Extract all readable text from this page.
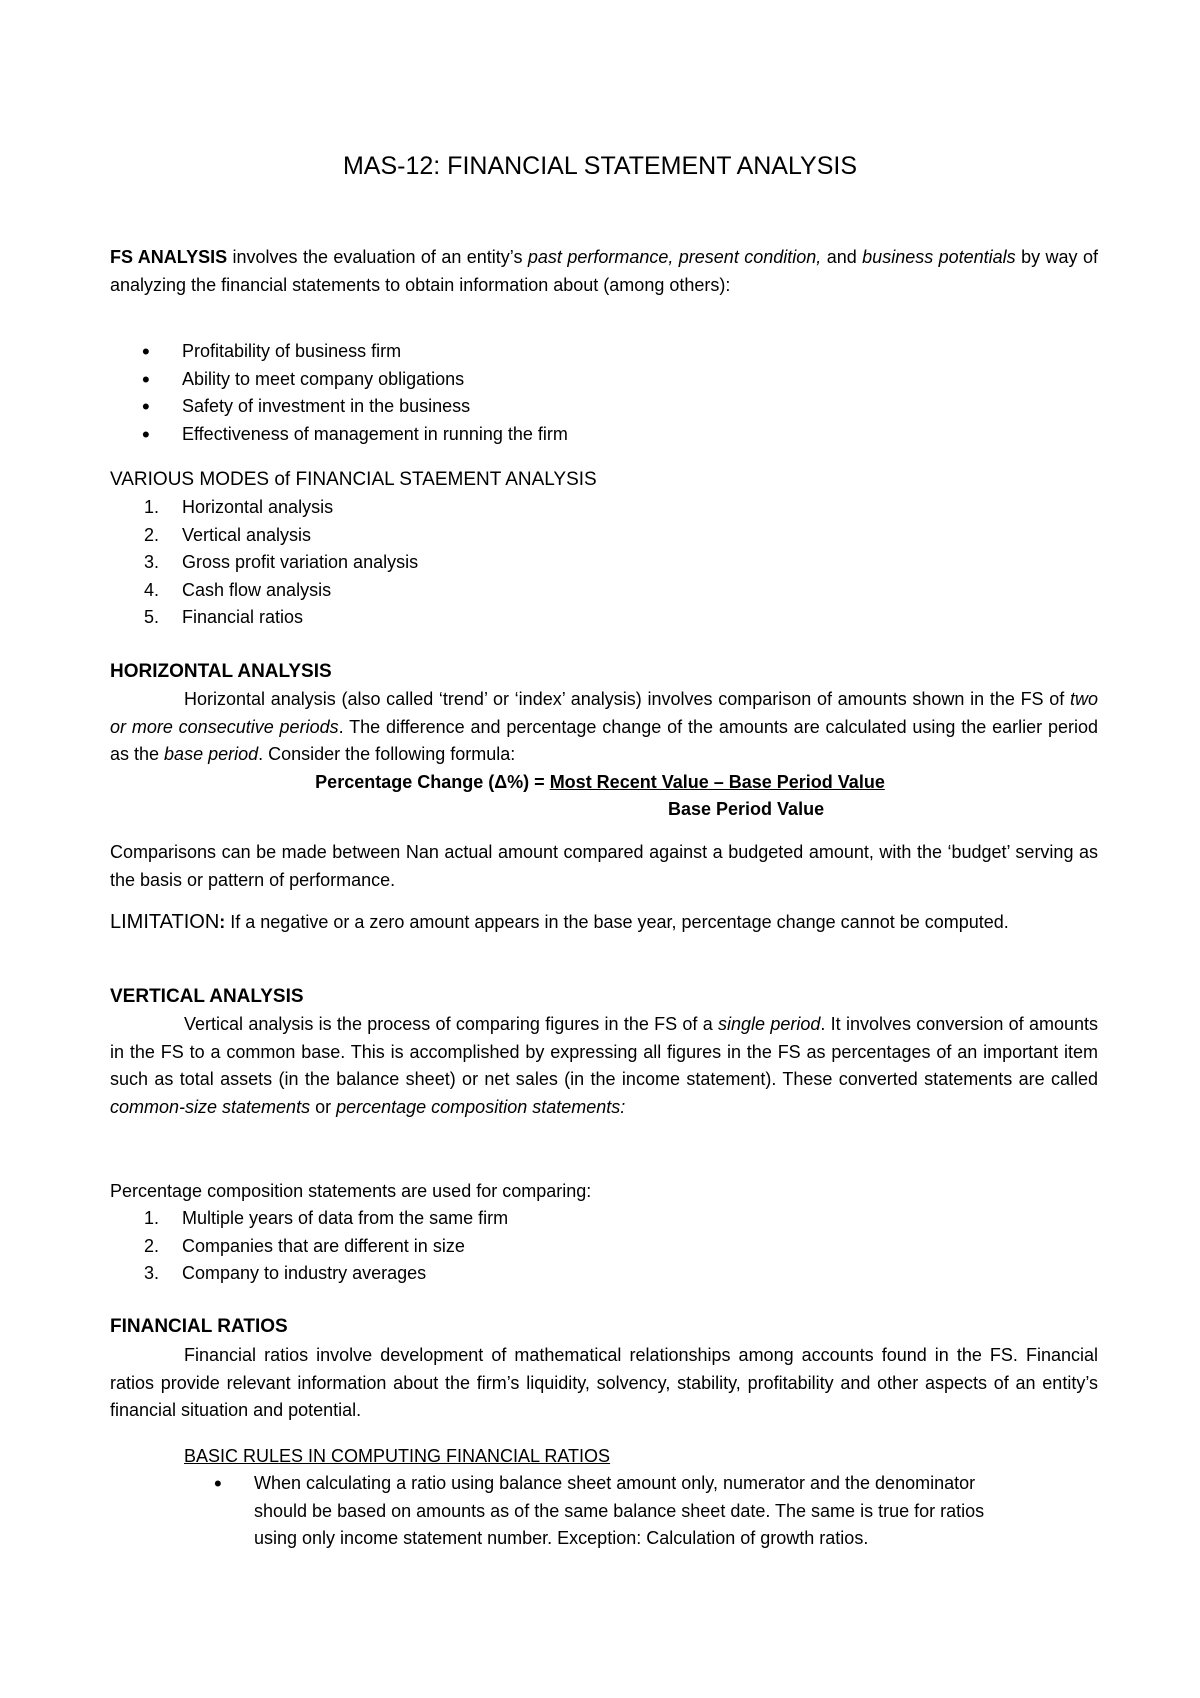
MAS-12: FINANCIAL STATEMENT ANALYSIS
FS ANALYSIS involves the evaluation of an entity’s past performance, present condition, and business potentials by way of analyzing the financial statements to obtain information about (among others):
• Profitability of business firm
• Ability to meet company obligations
• Safety of investment in the business
• Effectiveness of management in running the firm
VARIOUS MODES of FINANCIAL STAEMENT ANALYSIS
1. Horizontal analysis
2. Vertical analysis
3. Gross profit variation analysis
4. Cash flow analysis
5. Financial ratios
HORIZONTAL ANALYSIS
Horizontal analysis (also called ‘trend’ or ‘index’ analysis) involves comparison of amounts shown in the FS of two or more consecutive periods. The difference and percentage change of the amounts are calculated using the earlier period as the base period. Consider the following formula:
Percentage Change (Δ%) = Most Recent Value – Base Period Value
Base Period Value
Comparisons can be made between Nan actual amount compared against a budgeted amount, with the ‘budget’ serving as the basis or pattern of performance.
LIMITATION: If a negative or a zero amount appears in the base year, percentage change cannot be computed.
VERTICAL ANALYSIS
Vertical analysis is the process of comparing figures in the FS of a single period. It involves conversion of amounts in the FS to a common base. This is accomplished by expressing all figures in the FS as percentages of an important item such as total assets (in the balance sheet) or net sales (in the income statement). These converted statements are called common-size statements or percentage composition statements:
Percentage composition statements are used for comparing:
1. Multiple years of data from the same firm
2. Companies that are different in size
3. Company to industry averages
FINANCIAL RATIOS
Financial ratios involve development of mathematical relationships among accounts found in the FS. Financial ratios provide relevant information about the firm’s liquidity, solvency, stability, profitability and other aspects of an entity’s financial situation and potential.
BASIC RULES IN COMPUTING FINANCIAL RATIOS
• When calculating a ratio using balance sheet amount only, numerator and the denominator should be based on amounts as of the same balance sheet date. The same is true for ratios using only income statement number. Exception: Calculation of growth ratios.
